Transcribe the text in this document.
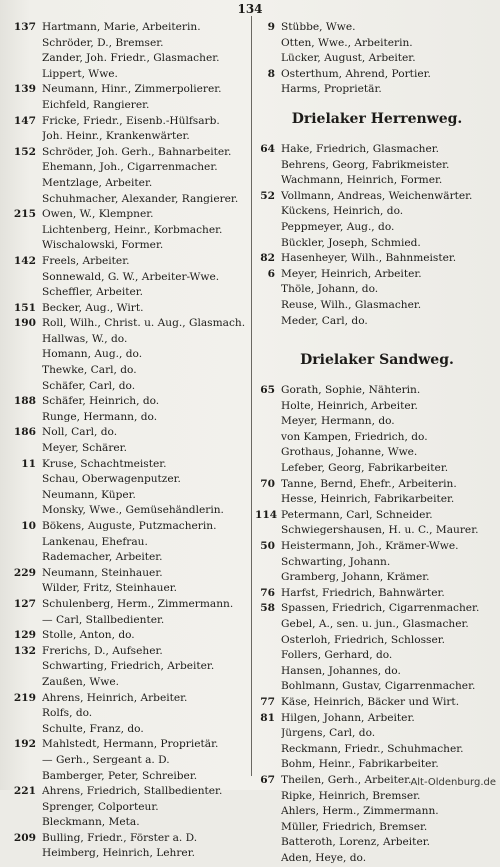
134
137 Hartmann, Marie, Arbeiterin.
Schröder, D., Bremser.
Zander, Joh. Friedr., Glasmacher.
Lippert, Wwe.
139 Neumann, Hinr., Zimmerpolierer.
Eichfeld, Rangierer.
147 Fricke, Friedr., Eisenb.-Hülfsarb.
Joh. Heinr., Krankenwärter.
152 Schröder, Joh. Gerh., Bahnarbeiter.
Ehemann, Joh., Cigarrenmacher.
Mentzlage, Arbeiter.
Schuhmacher, Alexander, Rangierer.
215 Owen, W., Klempner.
Lichtenberg, Heinr., Korbmacher.
Wischalowski, Former.
142 Freels, Arbeiter.
Sonnewald, G. W., Arbeiter-Wwe.
Scheffler, Arbeiter.
151 Becker, Aug., Wirt.
190 Roll, Wilh., Christ. u. Aug., Glasmach.
Hallwas, W., do.
Homann, Aug., do.
Thewke, Carl, do.
Schäfer, Carl, do.
188 Schäfer, Heinrich, do.
Runge, Hermann, do.
186 Noll, Carl, do.
Meyer, Schärer.
11 Kruse, Schachtmeister.
Schau, Oberwagenputzer.
Neumann, Küper.
Monsky, Wwe., Gemüsehändlerin.
10 Bökens, Auguste, Putzmacherin.
Lankenau, Ehefrau.
Rademacher, Arbeiter.
229 Neumann, Steinhauer.
Wilder, Fritz, Steinhauer.
127 Schulenberg, Herm., Zimmermann.
— Carl, Stallbedienter.
129 Stolle, Anton, do.
132 Frerichs, D., Aufseher.
Schwarting, Friedrich, Arbeiter.
Zaußen, Wwe.
219 Ahrens, Heinrich, Arbeiter.
Rolfs, do.
Schulte, Franz, do.
192 Mahlstedt, Hermann, Proprietär.
— Gerh., Sergeant a. D.
Bamberger, Peter, Schreiber.
221 Ahrens, Friedrich, Stallbedienter.
Sprenger, Colporteur.
Bleckmann, Meta.
209 Bulling, Friedr., Förster a. D.
Heimberg, Heinrich, Lehrer.
9 Stübbe, Wwe.
Otten, Wwe., Arbeiterin.
Lücker, August, Arbeiter.
8 Osterthum, Ahrend, Portier.
Harms, Proprietär.
Drielaker Herrenweg.
64 Hake, Friedrich, Glasmacher.
Behrens, Georg, Fabrikmeister.
Wachmann, Heinrich, Former.
52 Vollmann, Andreas, Weichenwärter.
Kückens, Heinrich, do.
Peppmeyer, Aug., do.
Bückler, Joseph, Schmied.
82 Hasenheyer, Wilh., Bahnmeister.
6 Meyer, Heinrich, Arbeiter.
Thöle, Johann, do.
Reuse, Wilh., Glasmacher.
Meder, Carl, do.
Drielaker Sandweg.
65 Gorath, Sophie, Nähterin.
Holte, Heinrich, Arbeiter.
Meyer, Hermann, do.
von Kampen, Friedrich, do.
Grothaus, Johanne, Wwe.
Lefeber, Georg, Fabrikarbeiter.
70 Tanne, Bernd, Ehefr., Arbeiterin.
Hesse, Heinrich, Fabrikarbeiter.
114 Petermann, Carl, Schneider.
Schwiegershausen, H. u. C., Maurer.
50 Heistermann, Joh., Krämer-Wwe.
Schwarting, Johann.
Gramberg, Johann, Krämer.
76 Harfst, Friedrich, Bahnwärter.
58 Spassen, Friedrich, Cigarrenmacher.
Gebel, A., sen. u. jun., Glasmacher.
Osterloh, Friedrich, Schlosser.
Follers, Gerhard, do.
Hansen, Johannes, do.
Bohlmann, Gustav, Cigarrenmacher.
77 Käse, Heinrich, Bäcker und Wirt.
81 Hilgen, Johann, Arbeiter.
Jürgens, Carl, do.
Reckmann, Friedr., Schuhmacher.
Bohm, Heinr., Fabrikarbeiter.
67 Theilen, Gerh., Arbeiter.
Ripke, Heinrich, Bremser.
Ahlers, Herm., Zimmermann.
Müller, Friedrich, Bremser.
Batteroth, Lorenz, Arbeiter.
Aden, Heye, do.
Alt-Oldenburg.de
